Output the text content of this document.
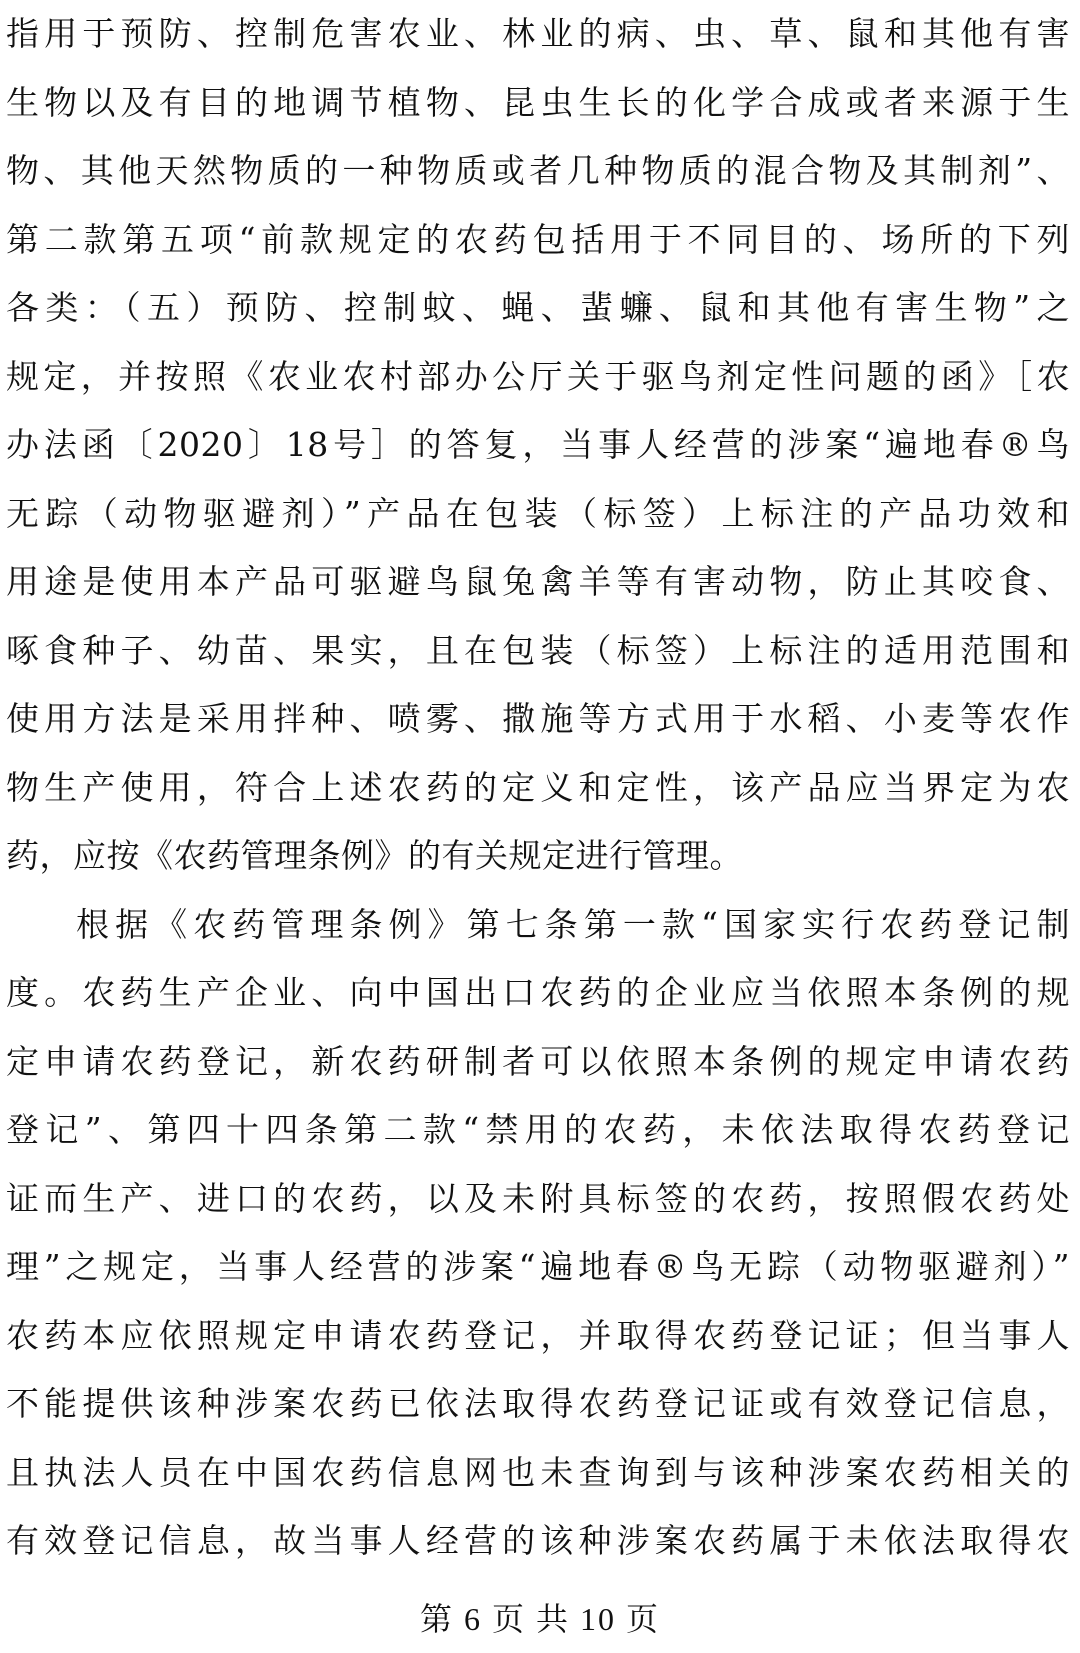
指用于预防、控制危害农业、林业的病、虫、草、鼠和其他有害
生物以及有目的地调节植物、昆虫生长的化学合成或者来源于生
物、其他天然物质的一种物质或者几种物质的混合物及其制剂”、
第二款第五项“前款规定的农药包括用于不同目的、场所的下列
各类：（五）预防、控制蚊、蝇、蜚蠊、鼠和其他有害生物”之
规定，并按照《农业农村部办公厅关于驱鸟剂定性问题的函》［农
办法函〔2020〕18号］的答复，当事人经营的涉案“遍地春®鸟
无踪（动物驱避剂）”产品在包装（标签）上标注的产品功效和
用途是使用本产品可驱避鸟鼠兔禽羊等有害动物，防止其咬食、
啄食种子、幼苗、果实，且在包装（标签）上标注的适用范围和
使用方法是采用拌种、喷雾、撒施等方式用于水稻、小麦等农作
物生产使用，符合上述农药的定义和定性，该产品应当界定为农
药，应按《农药管理条例》的有关规定进行管理。
根据《农药管理条例》第七条第一款“国家实行农药登记制
度。农药生产企业、向中国出口农药的企业应当依照本条例的规
定申请农药登记，新农药研制者可以依照本条例的规定申请农药
登记”、第四十四条第二款“禁用的农药，未依法取得农药登记
证而生产、进口的农药，以及未附具标签的农药，按照假农药处
理”之规定，当事人经营的涉案“遍地春®鸟无踪（动物驱避剂）”
农药本应依照规定申请农药登记，并取得农药登记证；但当事人
不能提供该种涉案农药已依法取得农药登记证或有效登记信息，
且执法人员在中国农药信息网也未查询到与该种涉案农药相关的
有效登记信息，故当事人经营的该种涉案农药属于未依法取得农
第 6 页 共 10 页
